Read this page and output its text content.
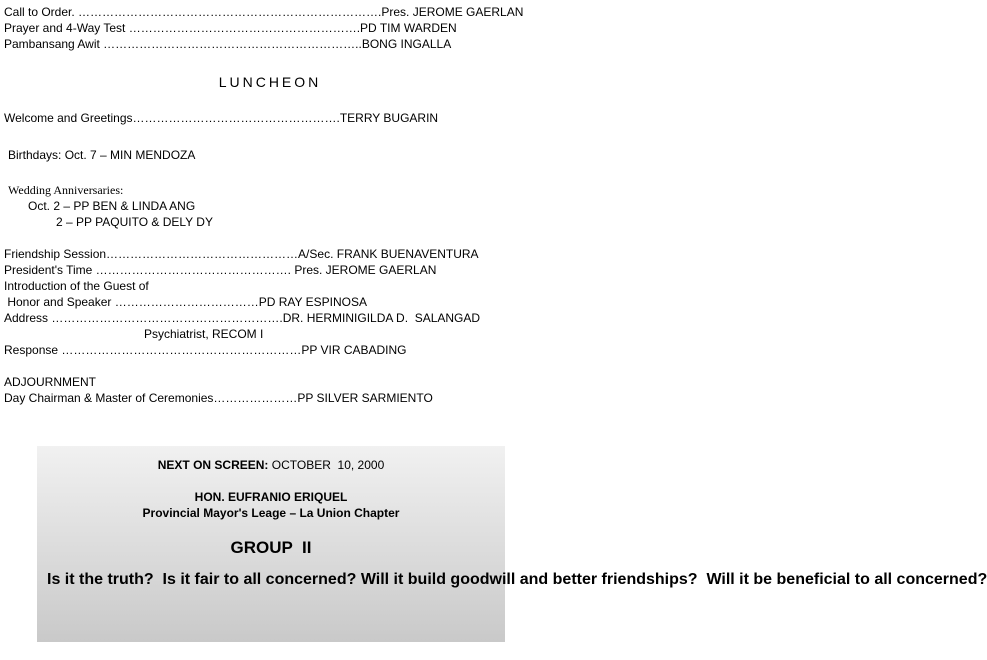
Call to Order. ………………………………………………………………….Pres. JEROME GAERLAN
Prayer and 4-Way Test ………………………………………………….PD TIM WARDEN
Pambansang Awit ………………………………………………………..BONG INGALLA
LUNCHEON
Welcome and Greetings…………………………………………….TERRY BUGARIN
Birthdays: Oct. 7 – MIN MENDOZA
Wedding Anniversaries:
Oct. 2 – PP BEN & LINDA ANG
2 – PP PAQUITO & DELY DY
Friendship Session…………………………………………A/Sec. FRANK BUENAVENTURA
President's Time …………………………………………. Pres. JEROME GAERLAN
Introduction of the Guest of
Honor and Speaker ………………………………PD RAY ESPINOSA
Address ………………………………………………….DR. HERMINIGILDA D.  SALANGAD
Psychiatrist, RECOM I
Response ……………………………………………………PP VIR CABADING
ADJOURNMENT
Day Chairman & Master of Ceremonies…………………PP SILVER SARMIENTO
NEXT ON SCREEN: OCTOBER  10, 2000
HON. EUFRANIO ERIQUEL
Provincial Mayor's Leage – La Union Chapter
GROUP  II
Is it the truth?  Is it fair to all concerned? Will it build goodwill and better friendships?  Will it be beneficial to all concerned?
